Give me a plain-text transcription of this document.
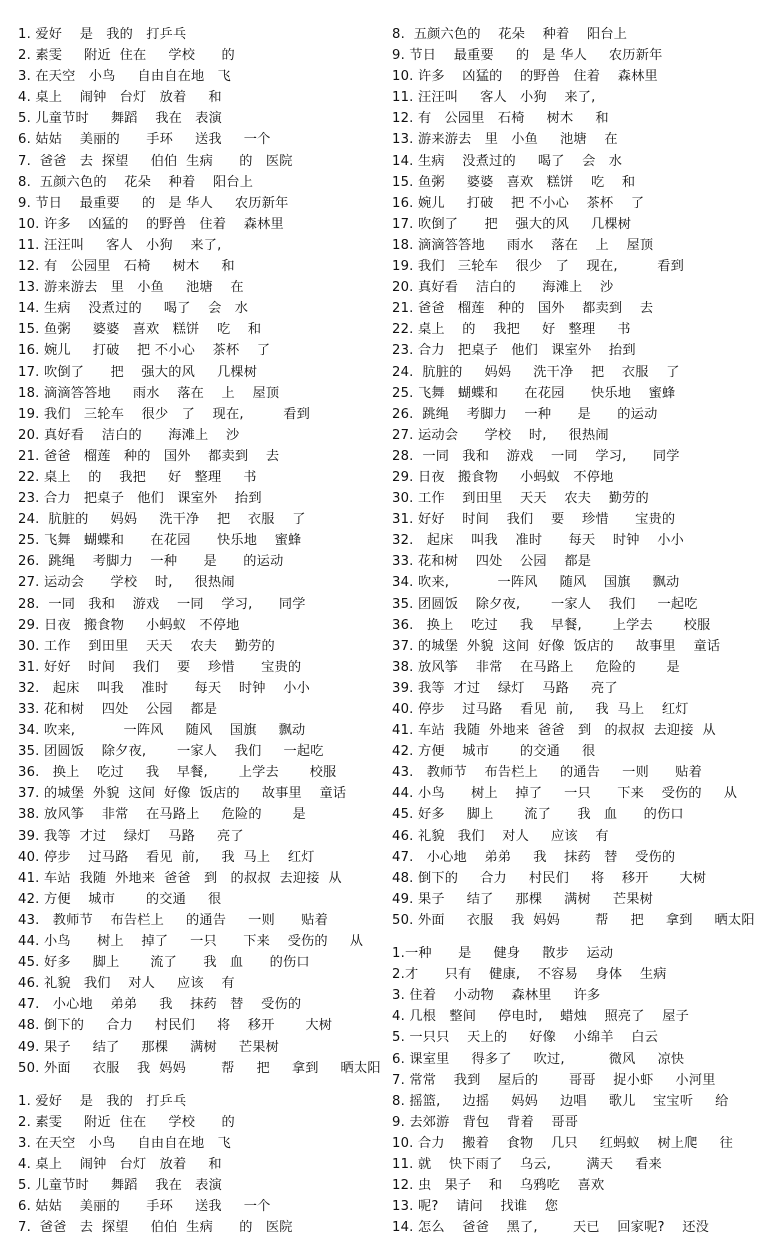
1. 爱好    是   我的   打乒乓
2. 素雯     附近  住在     学校      的
3. 在天空   小鸟     自由自在地   飞
4. 桌上    闹钟   台灯   放着     和
5. 儿童节时     舞蹈    我在   表演
6. 姑姑    美丽的      手环     送我     一个
7.  爸爸   去  探望     伯伯  生病      的   医院
8.  五颜六色的    花朵    种着    阳台上
9. 节日    最重要     的   是 华人     农历新年
10. 许多    凶猛的    的野兽   住着    森林里
11. 汪汪叫     客人   小狗    来了,
12. 有   公园里   石椅     树木     和
13. 游来游去   里   小鱼     池塘    在
14. 生病    没煮过的     喝了    会   水
15. 鱼粥     婆婆   喜欢   糕饼    吃    和
16. 婉儿     打破    把 不小心    茶杯    了
17. 吹倒了      把    强大的风     几棵树
18. 滴滴答答地     雨水    落在    上    屋顶
19. 我们   三轮车    很少   了    现在,         看到
20. 真好看    洁白的      海滩上    沙
21. 爸爸   榴莲   种的   国外    都卖到    去
22. 桌上    的    我把     好   整理     书
23. 合力   把桌子   他们   课室外    抬到
24.  肮脏的     妈妈     洗干净    把    衣服    了
25. 飞舞   蝴蝶和      在花园      快乐地    蜜蜂
26.  跳绳    考脚力    一种      是      的运动
27. 运动会      学校    时,     很热闹
28.  一同   我和    游戏    一同    学习,      同学
29. 日夜   搬食物     小蚂蚁   不停地
30. 工作    到田里    天天    农夫    勤劳的
31. 好好    时间    我们    要    珍惜      宝贵的
32.   起床    叫我    准时      每天    时钟    小小
33. 花和树    四处    公园    都是
34. 吹来,           一阵风     随风    国旗     飘动
35. 团圆饭    除夕夜,       一家人    我们     一起吃
36.   换上    吃过     我    早餐,       上学去       校服
37. 的城堡  外貌  这间  好像  饭店的     故事里    童话
38. 放风筝    非常    在马路上     危险的       是
39. 我等  才过    绿灯    马路     亮了
40. 停步    过马路    看见  前,     我  马上    红灯
41. 车站  我随  外地来  爸爸   到   的叔叔  去迎接  从
42. 方便    城市       的交通     很
43.   教师节    布告栏上     的通告     一则      贴着
44. 小鸟      树上    掉了     一只      下来    受伤的     从
45. 好多     脚上       流了      我   血      的伤口
46. 礼貌   我们    对人     应该    有
47.   小心地    弟弟     我    抹药   替    受伤的
48. 倒下的     合力     村民们     将    移开       大树
49. 果子     结了     那棵     满树     芒果树
50. 外面     衣服    我  妈妈        帮     把     拿到     晒太阳
1. 爱好    是   我的   打乒乓
2. 素雯     附近  住在     学校      的
3. 在天空   小鸟     自由自在地   飞
4. 桌上    闹钟   台灯   放着     和
5. 儿童节时     舞蹈    我在   表演
6. 姑姑    美丽的      手环     送我     一个
7.  爸爸   去  探望     伯伯  生病      的   医院
8.  五颜六色的    花朵    种着    阳台上
9. 节日    最重要     的   是 华人     农历新年
10. 许多    凶猛的    的野兽   住着    森林里
11. 汪汪叫     客人   小狗    来了,
12. 有   公园里   石椅     树木     和
13. 游来游去   里   小鱼     池塘    在
14. 生病    没煮过的     喝了    会   水
15. 鱼粥     婆婆   喜欢   糕饼    吃    和
16. 婉儿     打破    把 不小心    茶杯    了
17. 吹倒了      把    强大的风     几棵树
18. 滴滴答答地     雨水    落在    上    屋顶
19. 我们   三轮车    很少   了    现在,         看到
20. 真好看    洁白的      海滩上    沙
21. 爸爸   榴莲   种的   国外    都卖到    去
22. 桌上    的    我把     好   整理     书
23. 合力   把桌子   他们   课室外    抬到
24.  肮脏的     妈妈     洗干净    把    衣服    了
25. 飞舞   蝴蝶和      在花园      快乐地    蜜蜂
26.  跳绳    考脚力    一种      是      的运动
27. 运动会      学校    时,     很热闹
28.  一同   我和    游戏    一同    学习,      同学
29. 日夜   搬食物     小蚂蚁   不停地
30. 工作    到田里    天天    农夫    勤劳的
31. 好好    时间    我们    要    珍惜      宝贵的
32.   起床    叫我    准时      每天    时钟    小小
33. 花和树    四处    公园    都是
34. 吹来,           一阵风     随风    国旗     飘动
35. 团圆饭    除夕夜,       一家人    我们     一起吃
36.   换上    吃过     我    早餐,       上学去       校服
37. 的城堡  外貌  这间  好像  饭店的     故事里    童话
38. 放风筝    非常    在马路上     危险的       是
39. 我等  才过    绿灯    马路     亮了
40. 停步    过马路    看见  前,     我  马上    红灯
41. 车站  我随  外地来  爸爸   到   的叔叔  去迎接  从
42. 方便    城市       的交通     很
43.   教师节    布告栏上     的通告     一则      贴着
44. 小鸟      树上    掉了     一只      下来    受伤的     从
45. 好多     脚上       流了      我   血      的伤口
46. 礼貌   我们    对人     应该    有
47.   小心地    弟弟     我    抹药   替    受伤的
48. 倒下的     合力     村民们     将    移开       大树
49. 果子     结了     那棵     满树     芒果树
50. 外面     衣服    我  妈妈        帮     把     拿到     晒太阳
1.一种      是     健身     散步    运动
2.才      只有    健康,    不容易    身体    生病
3. 住着    小动物    森林里     许多
4. 几根   整间     停电时,    蜡烛    照亮了    屋子
5. 一只只    天上的     好像    小绵羊    白云
6. 课室里     得多了     吹过,          微风     凉快
7. 常常    我到    屋后的       哥哥    捉小虾     小河里
8. 摇篮,     边摇     妈妈     边唱     歌儿    宝宝听     给
9. 去郊游   背包    背着    哥哥
10. 合力    搬着    食物    几只     红蚂蚁    树上爬     往
11. 就    快下雨了    乌云,        满天     看来
12. 虫   果子    和    乌鸦吃    喜欢
13. 呢?    请问    找谁    您
14. 怎么    爸爸    黑了,        天已    回家呢?    还没
